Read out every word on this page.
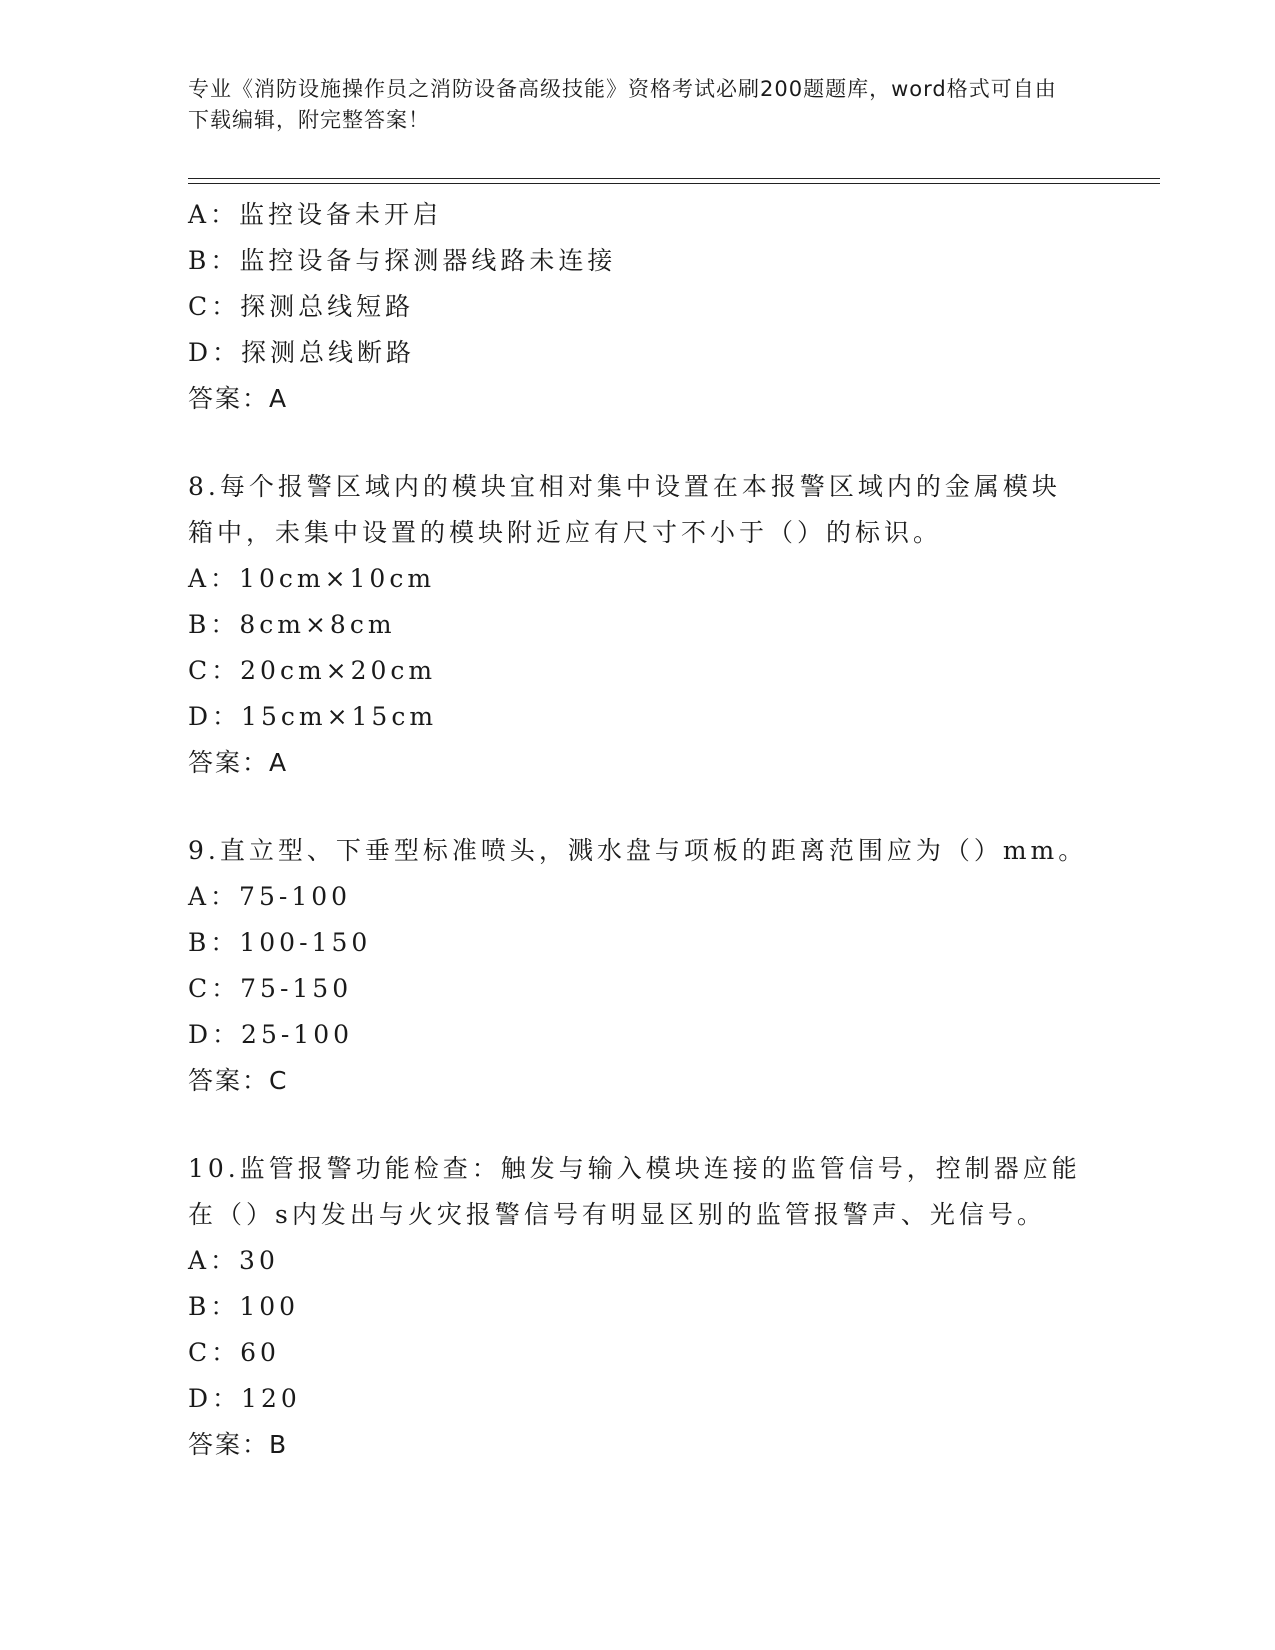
专业《消防设施操作员之消防设备高级技能》资格考试必刷200题题库，word格式可自由下载编辑，附完整答案！
A：监控设备未开启
B：监控设备与探测器线路未连接
C：探测总线短路
D：探测总线断路
答案：A
8.每个报警区域内的模块宜相对集中设置在本报警区域内的金属模块箱中，未集中设置的模块附近应有尺寸不小于（）的标识。
A：10cm×10cm
B：8cm×8cm
C：20cm×20cm
D：15cm×15cm
答案：A
9.直立型、下垂型标准喷头，溅水盘与项板的距离范围应为（）mm。
A：75-100
B：100-150
C：75-150
D：25-100
答案：C
10.监管报警功能检查：触发与输入模块连接的监管信号，控制器应能在（）s内发出与火灾报警信号有明显区别的监管报警声、光信号。
A：30
B：100
C：60
D：120
答案：B
